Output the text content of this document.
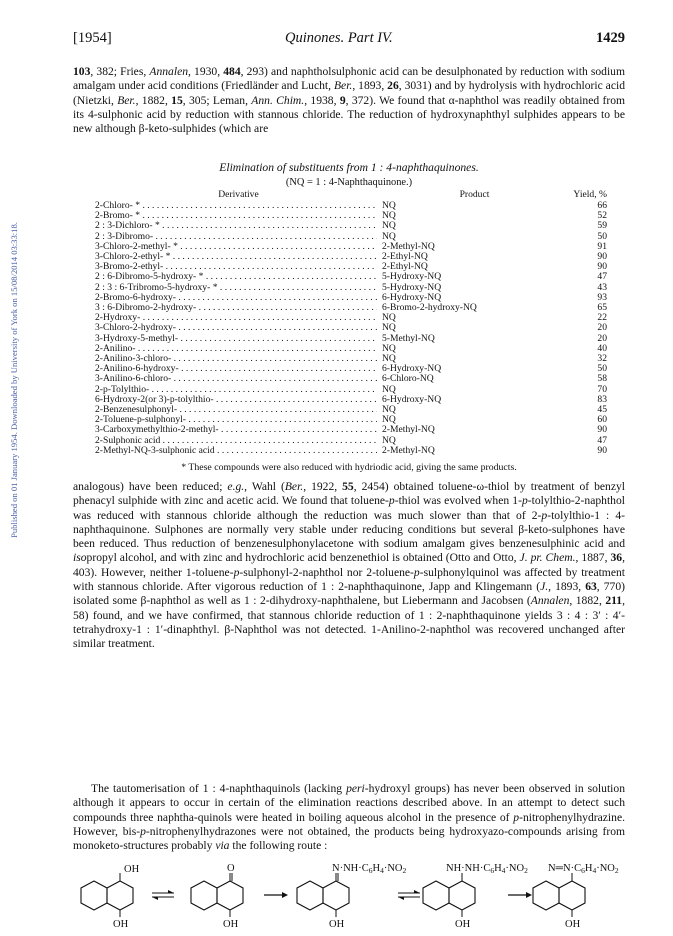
Published on 01 January 1954. Downloaded by University of York on 15/08/2014 03:33:18.
[1954]	Quinones. Part IV.	1429

103, 382; Fries, Annalen, 1930, 484, 293) and naphtholsulphonic acid can be desulphonated by reduction with sodium amalgam under acid conditions (Friedländer and Lucht, Ber., 1893, 26, 3031) and by hydrolysis with hydrochloric acid (Nietzki, Ber., 1882, 15, 305; Leman, Ann. Chim., 1938, 9, 372). We found that α-naphthol was readily obtained from its 4-sulphonic acid by reduction with stannous chloride. The reduction of hydroxynaphthyl sulphides appears to be new although β-keto-sulphides (which are

Elimination of substituents from 1 : 4-naphthaquinones.
(NQ = 1 : 4-Naphthaquinone.)
Derivative	Product	Yield, %

2-Chloro- * . . .	NQ	66

2-Bromo- * . . .	NQ	52

2 : 3-Dichloro- * . . .	NQ	59

2 : 3-Dibromo- . . .	NQ	50

3-Chloro-2-methyl- * . . .	2-Methyl-NQ	91

3-Chloro-2-ethyl- * . . .	2-Ethyl-NQ	90

3-Bromo-2-ethyl- . . .	2-Ethyl-NQ	90

2 : 6-Dibromo-5-hydroxy- * . . .	5-Hydroxy-NQ	47

2 : 3 : 6-Tribromo-5-hydroxy- * . . .	5-Hydroxy-NQ	43

2-Bromo-6-hydroxy- . . .	6-Hydroxy-NQ	93

3 : 6-Dibromo-2-hydroxy- . . .	6-Bromo-2-hydroxy-NQ	65

2-Hydroxy- . . .	NQ	22

3-Chloro-2-hydroxy- . . .	NQ	20

3-Hydroxy-5-methyl- . . .	5-Methyl-NQ	20

2-Anilino- . . .	NQ	40

2-Anilino-3-chloro- . . .	NQ	32

2-Anilino-6-hydroxy- . . .	6-Hydroxy-NQ	50

3-Anilino-6-chloro- . . .	6-Chloro-NQ	58

2-p-Tolylthio- . . .	NQ	70

6-Hydroxy-2(or 3)-p-tolylthio- . . .	6-Hydroxy-NQ	83

2-Benzenesulphonyl- . . .	NQ	45

2-Toluene-p-sulphonyl- . . .	NQ	60

3-Carboxymethylthio-2-methyl- . . .	2-Methyl-NQ	90

2-Sulphonic acid . . .	NQ	47

2-Methyl-NQ-3-sulphonic acid . . .	2-Methyl-NQ	90
* These compounds were also reduced with hydriodic acid, giving the same products.

analogous) have been reduced; e.g., Wahl (Ber., 1922, 55, 2454) obtained toluene-ω-thiol by treatment of benzyl phenacyl sulphide with zinc and acetic acid. We found that toluene-p-thiol was evolved when 1-p-tolylthio-2-naphthol was reduced with stannous chloride although the reduction was much slower than that of 2-p-tolylthio-1 : 4-naphthaquinone. Sulphones are normally very stable under reducing conditions but several β-keto-sulphones have been reduced. Thus reduction of benzenesulphonylacetone with sodium amalgam gives benzenesulphinic acid and isopropyl alcohol, and with zinc and hydrochloric acid benzenethiol is obtained (Otto and Otto, J. pr. Chem., 1887, 36, 403). However, neither 1-toluene-p-sulphonyl-2-naphthol nor 2-toluene-p-sulphonylquinol was affected by treatment with stannous chloride. After vigorous reduction of 1 : 2-naphthaquinone, Japp and Klingemann (J., 1893, 63, 770) isolated some β-naphthol as well as 1 : 2-dihydroxy-naphthalene, but Liebermann and Jacobsen (Annalen, 1882, 211, 58) found, and we have confirmed, that stannous chloride reduction of 1 : 2-naphthaquinone yields 3 : 4 : 3′ : 4′-tetrahydroxy-1 : 1′-dinaphthyl. β-Naphthol was not detected. 1-Anilino-2-naphthol was recovered unchanged after similar treatment.

The tautomerisation of 1 : 4-naphthaquinols (lacking peri-hydroxyl groups) has never been observed in solution although it appears to occur in certain of the elimination reactions described above. In an attempt to detect such compounds three naphtha-quinols were heated in boiling aqueous alcohol in the presence of p-nitrophenylhydrazine. However, bis-p-nitrophenylhydrazones were not obtained, the products being hydroxyazo-compounds arising from monoketo-structures probably via the following route :

OH
OH
O
OH
N·NH·C6H4·NO2
OH
NH·NH·C6H4·NO2
OH
N═N·C6H4·NO2
OH
